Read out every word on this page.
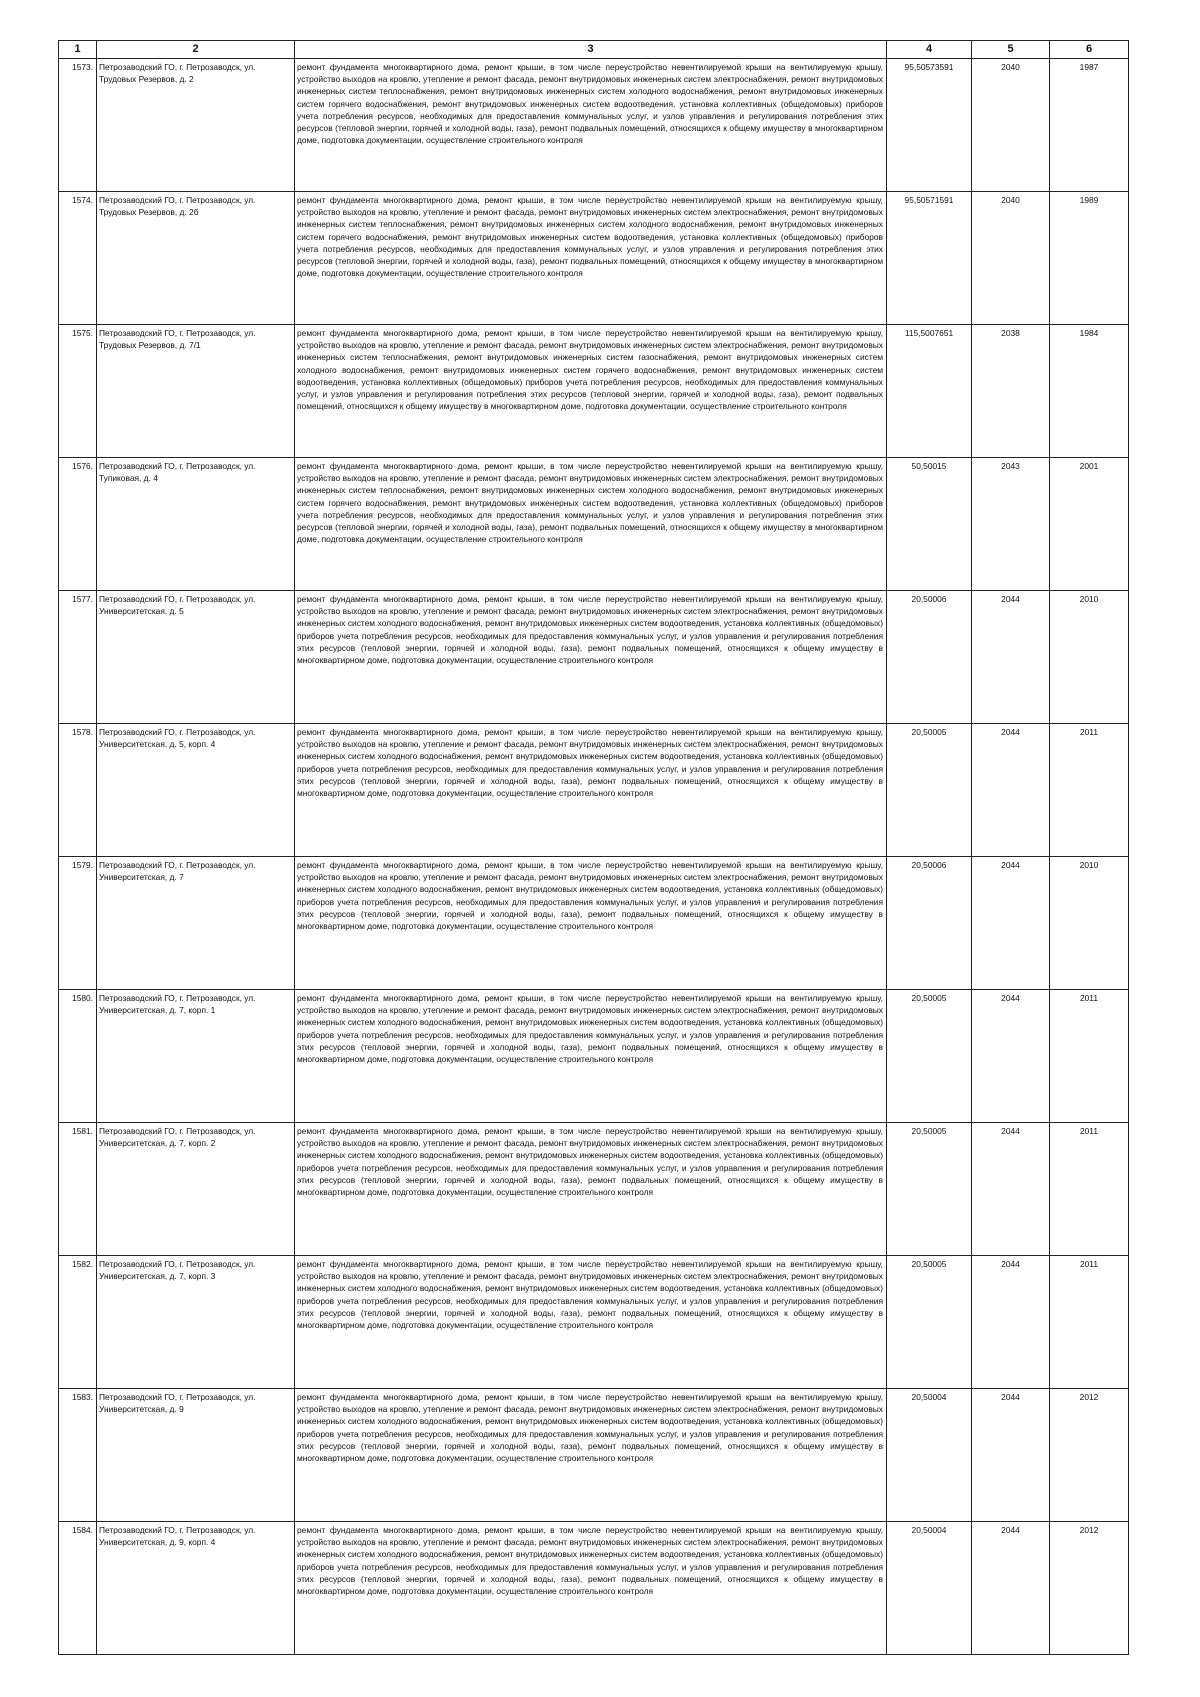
1	2	3	4	5	6
1573.	Петрозаводский ГО, г. Петрозаводск, ул. Трудовых Резервов, д. 2	ремонт фундамента многоквартирного дома, ремонт крыши, в том числе переустройство невентилируемой крыши на вентилируемую крышу, устройство выходов на кровлю, утепление и ремонт фасада, ремонт внутридомовых инженерных систем электроснабжения, ремонт внутридомовых инженерных систем теплоснабжения, ремонт внутридомовых инженерных систем холодного водоснабжения, ремонт внутридомовых инженерных систем горячего водоснабжения, ремонт внутридомовых инженерных систем водоотведения, установка коллективных (общедомовых) приборов учета потребления ресурсов, необходимых для предоставления коммунальных услуг, и узлов управления и регулирования потребления этих ресурсов (тепловой энергии, горячей и холодной воды, газа), ремонт подвальных помещений, относящихся к общему имуществу в многоквартирном доме, подготовка документации, осуществление строительного контроля	95,50573591	2040	1987
1574.	Петрозаводский ГО, г. Петрозаводск, ул. Трудовых Резервов, д. 2б	ремонт фундамента многоквартирного дома, ремонт крыши, в том числе переустройство невентилируемой крыши на вентилируемую крышу, устройство выходов на кровлю, утепление и ремонт фасада, ремонт внутридомовых инженерных систем электроснабжения, ремонт внутридомовых инженерных систем теплоснабжения, ремонт внутридомовых инженерных систем холодного водоснабжения, ремонт внутридомовых инженерных систем горячего водоснабжения, ремонт внутридомовых инженерных систем водоотведения, установка коллективных (общедомовых) приборов учета потребления ресурсов, необходимых для предоставления коммунальных услуг, и узлов управления и регулирования потребления этих ресурсов (тепловой энергии, горячей и холодной воды, газа), ремонт подвальных помещений, относящихся к общему имуществу в многоквартирном доме, подготовка документации, осуществление строительного контроля	95,50571591	2040	1989
1575.	Петрозаводский ГО, г. Петрозаводск, ул. Трудовых Резервов, д. 7/1	ремонт фундамента многоквартирного дома, ремонт крыши, в том числе переустройство невентилируемой крыши на вентилируемую крышу, устройство выходов на кровлю, утепление и ремонт фасада, ремонт внутридомовых инженерных систем электроснабжения, ремонт внутридомовых инженерных систем теплоснабжения, ремонт внутридомовых инженерных систем газоснабжения, ремонт внутридомовых инженерных систем холодного водоснабжения, ремонт внутридомовых инженерных систем горячего водоснабжения, ремонт внутридомовых инженерных систем водоотведения, установка коллективных (общедомовых) приборов учета потребления ресурсов, необходимых для предоставления коммунальных услуг, и узлов управления и регулирования потребления этих ресурсов (тепловой энергии, горячей и холодной воды, газа), ремонт подвальных помещений, относящихся к общему имуществу в многоквартирном доме, подготовка документации, осуществление строительного контроля	115,5007651	2038	1984
1576.	Петрозаводский ГО, г. Петрозаводск, ул. Тупиковая, д. 4	ремонт фундамента многоквартирного дома, ремонт крыши, в том числе переустройство невентилируемой крыши на вентилируемую крышу, устройство выходов на кровлю, утепление и ремонт фасада, ремонт внутридомовых инженерных систем электроснабжения, ремонт внутридомовых инженерных систем теплоснабжения, ремонт внутридомовых инженерных систем холодного водоснабжения, ремонт внутридомовых инженерных систем горячего водоснабжения, ремонт внутридомовых инженерных систем водоотведения, установка коллективных (общедомовых) приборов учета потребления ресурсов, необходимых для предоставления коммунальных услуг, и узлов управления и регулирования потребления этих ресурсов (тепловой энергии, горячей и холодной воды, газа), ремонт подвальных помещений, относящихся к общему имуществу в многоквартирном доме, подготовка документации, осуществление строительного контроля	50,50015	2043	2001
1577.	Петрозаводский ГО, г. Петрозаводск, ул. Университетская, д. 5	ремонт фундамента многоквартирного дома, ремонт крыши, в том числе переустройство невентилируемой крыши на вентилируемую крышу, устройство выходов на кровлю, утепление и ремонт фасада, ремонт внутридомовых инженерных систем электроснабжения, ремонт внутридомовых инженерных систем холодного водоснабжения, ремонт внутридомовых инженерных систем водоотведения, установка коллективных (общедомовых) приборов учета потребления ресурсов, необходимых для предоставления коммунальных услуг, и узлов управления и регулирования потребления этих ресурсов (тепловой энергии, горячей и холодной воды, газа), ремонт подвальных помещений, относящихся к общему имуществу в многоквартирном доме, подготовка документации, осуществление строительного контроля	20,50006	2044	2010
1578.	Петрозаводский ГО, г. Петрозаводск, ул. Университетская, д. 5, корп. 4	ремонт фундамента многоквартирного дома, ремонт крыши, в том числе переустройство невентилируемой крыши на вентилируемую крышу, устройство выходов на кровлю, утепление и ремонт фасада, ремонт внутридомовых инженерных систем электроснабжения, ремонт внутридомовых инженерных систем холодного водоснабжения, ремонт внутридомовых инженерных систем водоотведения, установка коллективных (общедомовых) приборов учета потребления ресурсов, необходимых для предоставления коммунальных услуг, и узлов управления и регулирования потребления этих ресурсов (тепловой энергии, горячей и холодной воды, газа), ремонт подвальных помещений, относящихся к общему имуществу в многоквартирном доме, подготовка документации, осуществление строительного контроля	20,50005	2044	2011
1579.	Петрозаводский ГО, г. Петрозаводск, ул. Университетская, д. 7	ремонт фундамента многоквартирного дома, ремонт крыши, в том числе переустройство невентилируемой крыши на вентилируемую крышу, устройство выходов на кровлю, утепление и ремонт фасада, ремонт внутридомовых инженерных систем электроснабжения, ремонт внутридомовых инженерных систем холодного водоснабжения, ремонт внутридомовых инженерных систем водоотведения, установка коллективных (общедомовых) приборов учета потребления ресурсов, необходимых для предоставления коммунальных услуг, и узлов управления и регулирования потребления этих ресурсов (тепловой энергии, горячей и холодной воды, газа), ремонт подвальных помещений, относящихся к общему имуществу в многоквартирном доме, подготовка документации, осуществление строительного контроля	20,50006	2044	2010
1580.	Петрозаводский ГО, г. Петрозаводск, ул. Университетская, д. 7, корп. 1	ремонт фундамента многоквартирного дома, ремонт крыши, в том числе переустройство невентилируемой крыши на вентилируемую крышу, устройство выходов на кровлю, утепление и ремонт фасада, ремонт внутридомовых инженерных систем электроснабжения, ремонт внутридомовых инженерных систем холодного водоснабжения, ремонт внутридомовых инженерных систем водоотведения, установка коллективных (общедомовых) приборов учета потребления ресурсов, необходимых для предоставления коммунальных услуг, и узлов управления и регулирования потребления этих ресурсов (тепловой энергии, горячей и холодной воды, газа), ремонт подвальных помещений, относящихся к общему имуществу в многоквартирном доме, подготовка документации, осуществление строительного контроля	20,50005	2044	2011
1581.	Петрозаводский ГО, г. Петрозаводск, ул. Университетская, д. 7, корп. 2	ремонт фундамента многоквартирного дома, ремонт крыши, в том числе переустройство невентилируемой крыши на вентилируемую крышу, устройство выходов на кровлю, утепление и ремонт фасада, ремонт внутридомовых инженерных систем электроснабжения, ремонт внутридомовых инженерных систем холодного водоснабжения, ремонт внутридомовых инженерных систем водоотведения, установка коллективных (общедомовых) приборов учета потребления ресурсов, необходимых для предоставления коммунальных услуг, и узлов управления и регулирования потребления этих ресурсов (тепловой энергии, горячей и холодной воды, газа), ремонт подвальных помещений, относящихся к общему имуществу в многоквартирном доме, подготовка документации, осуществление строительного контроля	20,50005	2044	2011
1582.	Петрозаводский ГО, г. Петрозаводск, ул. Университетская, д. 7, корп. 3	ремонт фундамента многоквартирного дома, ремонт крыши, в том числе переустройство невентилируемой крыши на вентилируемую крышу, устройство выходов на кровлю, утепление и ремонт фасада, ремонт внутридомовых инженерных систем электроснабжения, ремонт внутридомовых инженерных систем холодного водоснабжения, ремонт внутридомовых инженерных систем водоотведения, установка коллективных (общедомовых) приборов учета потребления ресурсов, необходимых для предоставления коммунальных услуг, и узлов управления и регулирования потребления этих ресурсов (тепловой энергии, горячей и холодной воды, газа), ремонт подвальных помещений, относящихся к общему имуществу в многоквартирном доме, подготовка документации, осуществление строительного контроля	20,50005	2044	2011
1583.	Петрозаводский ГО, г. Петрозаводск, ул. Университетская, д. 9	ремонт фундамента многоквартирного дома, ремонт крыши, в том числе переустройство невентилируемой крыши на вентилируемую крышу, устройство выходов на кровлю, утепление и ремонт фасада, ремонт внутридомовых инженерных систем электроснабжения, ремонт внутридомовых инженерных систем холодного водоснабжения, ремонт внутридомовых инженерных систем водоотведения, установка коллективных (общедомовых) приборов учета потребления ресурсов, необходимых для предоставления коммунальных услуг, и узлов управления и регулирования потребления этих ресурсов (тепловой энергии, горячей и холодной воды, газа), ремонт подвальных помещений, относящихся к общему имуществу в многоквартирном доме, подготовка документации, осуществление строительного контроля	20,50004	2044	2012
1584.	Петрозаводский ГО, г. Петрозаводск, ул. Университетская, д. 9, корп. 4	ремонт фундамента многоквартирного дома, ремонт крыши, в том числе переустройство невентилируемой крыши на вентилируемую крышу, устройство выходов на кровлю, утепление и ремонт фасада, ремонт внутридомовых инженерных систем электроснабжения, ремонт внутридомовых инженерных систем холодного водоснабжения, ремонт внутридомовых инженерных систем водоотведения, установка коллективных (общедомовых) приборов учета потребления ресурсов, необходимых для предоставления коммунальных услуг, и узлов управления и регулирования потребления этих ресурсов (тепловой энергии, горячей и холодной воды, газа), ремонт подвальных помещений, относящихся к общему имуществу в многоквартирном доме, подготовка документации, осуществление строительного контроля	20,50004	2044	2012
